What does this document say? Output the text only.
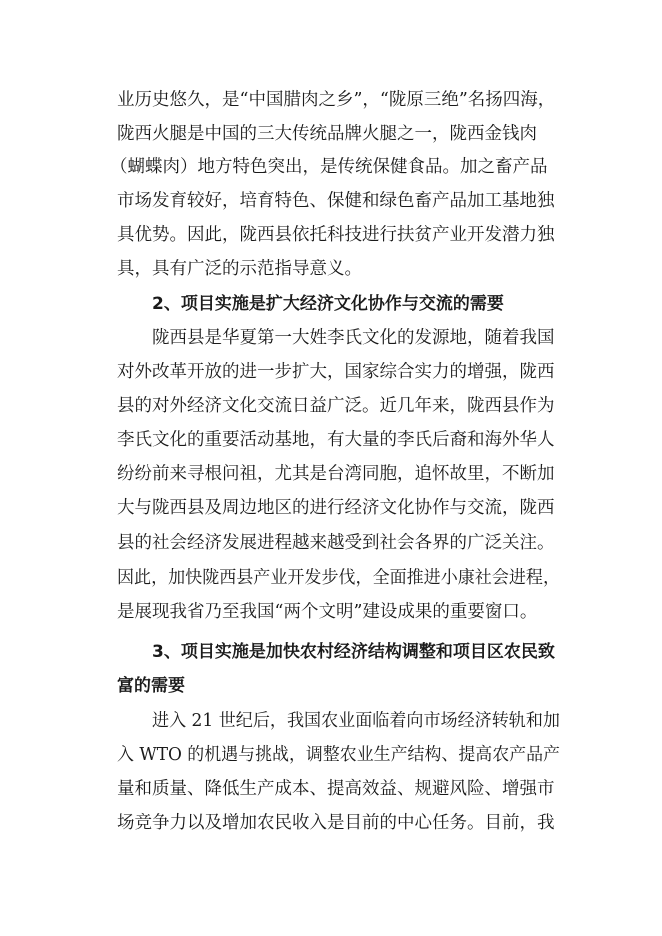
业历史悠久，是“中国腊肉之乡”，“陇原三绝”名扬四海，
陇西火腿是中国的三大传统品牌火腿之一，陇西金钱肉
（蝴蝶肉）地方特色突出，是传统保健食品。加之畜产品
市场发育较好，培育特色、保健和绿色畜产品加工基地独
具优势。因此，陇西县依托科技进行扶贫产业开发潜力独
具，具有广泛的示范指导意义。
2、项目实施是扩大经济文化协作与交流的需要
陇西县是华夏第一大姓李氏文化的发源地，随着我国
对外改革开放的进一步扩大，国家综合实力的增强，陇西
县的对外经济文化交流日益广泛。近几年来，陇西县作为
李氏文化的重要活动基地，有大量的李氏后裔和海外华人
纷纷前来寻根问祖，尤其是台湾同胞，追怀故里，不断加
大与陇西县及周边地区的进行经济文化协作与交流，陇西
县的社会经济发展进程越来越受到社会各界的广泛关注。
因此，加快陇西县产业开发步伐，全面推进小康社会进程，
是展现我省乃至我国“两个文明”建设成果的重要窗口。
3、项目实施是加快农村经济结构调整和项目区农民致
富的需要
进入 21 世纪后，我国农业面临着向市场经济转轨和加
入 WTO 的机遇与挑战，调整农业生产结构、提高农产品产
量和质量、降低生产成本、提高效益、规避风险、增强市
场竞争力以及增加农民收入是目前的中心任务。目前，我
